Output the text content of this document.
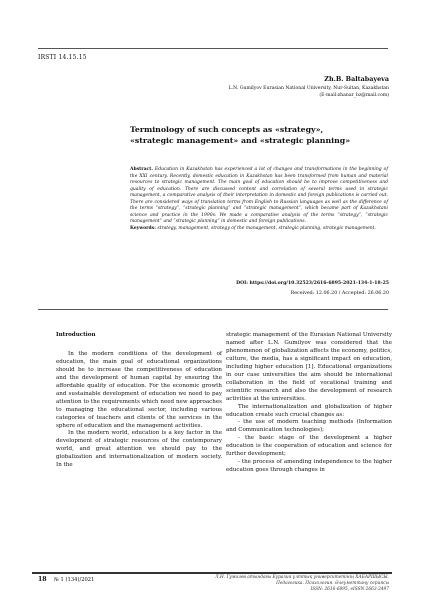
IRSTI 14.15.15
Zh.B. Baltabayeva
L.N. Gumilyov Eurasian National University, Nur-Sultan, Kazakhstan
(E-mail:zhanar_bz@mail.com)
Terminology of such concepts as «strategy»,
«strategic management» and «strategic planning»
Abstract. Education in Kazakhstan has experienced a lot of changes and transformations in the beginning of the XXI century. Recently, domestic education in Kazakhstan has been transformed from human and material resources to strategic management. The main goal of education should be to improve competitiveness and quality of education. There are discussed content and correlation of several terms used in strategic management, a comparative analysis of their interpretation in domestic and foreign publications is carried out. There are considered ways of translation terms from English to Russian languages as well as the difference of the terms “strategy”, “strategic planning” and “strategic management”, which became part of Kazakhstani science and practice in the 1990s. We made a comparative analysis of the terms “strategy”, “strategic management” and “strategic planning” in domestic and foreign publications.
Keywords: strategy, management, strategy of the management, strategic planning, strategic management.
DOI: https://doi.org/10.32523/2616-6895-2021-134-1-18-25
Received: 12.06.20 / Accepted: 26.06.20

Introduction

In the modern conditions of the development of education, the main goal of educational organizations should be to increase the competitiveness of education and the development of human capital by ensuring the affordable quality of education. For the economic growth and sustainable development of education we need to pay attention to the requirements which need new approaches to managing the educational sector, including various categories of teachers and clients of the services in the sphere of education and the management activities.

In the modern world, education is a key factor in the development of strategic resources of the contemporary world, and great attention we should pay to the globalization and internationalization of modern society. In the

strategic management of the Eurasian National University named after L.N. Gumilyov was considered that the phenomenon of globalization affects the economy, politics, culture, the media, has a significant impact on education, including higher education [1]. Educational organizations in our case universities the aim should be international collaboration in the field of vocational training and scientific research and also the development of research activities at the universities.

The internationalization and globalization of higher education create such crucial changes as:

- the use of modern teaching methods (Information and Communication technologies);

- the basic stage of the development a higher education is the cooperation of education and science for further development;

- the process of amending independence to the higher education goes through changes in

18 № 1 (134)/2021	Л.Н. Гумилев атындағы Еуразия ұлттық университетінің ХАБАРШЫСЫ.
Педагогика. Психология. Әлеуметтану сериясы
ISSN: 2616-6895, eISSN 2663-2497
